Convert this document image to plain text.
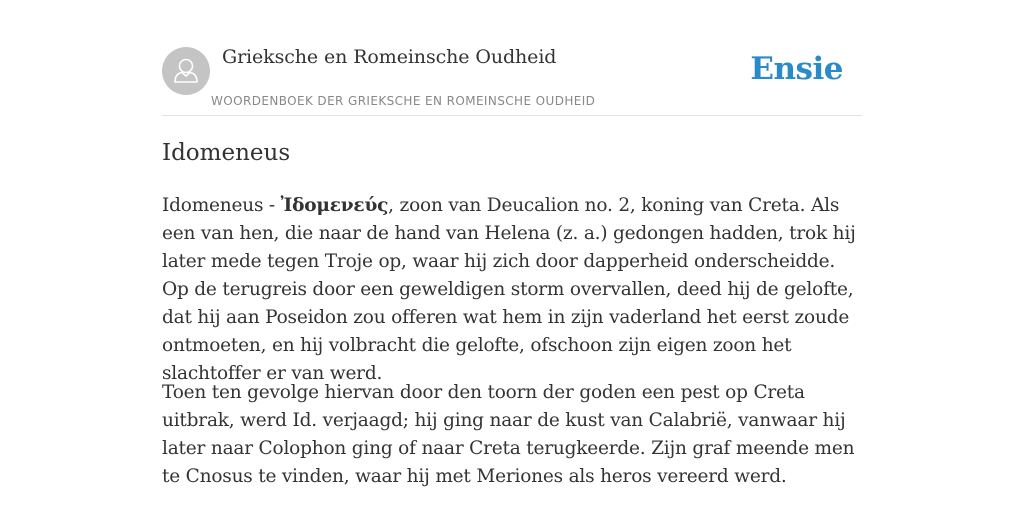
Grieksche en Romeinsche Oudheid
WOORDENBOEK DER GRIEKSCHE EN ROMEINSCHE OUDHEID
Ensie
Idomeneus

Idomeneus - Ἰδομενεύς, zoon van Deucalion no. 2, koning van Creta. Als een van hen, die naar de hand van Helena (z. a.) gedongen hadden, trok hij later mede tegen Troje op, waar hij zich door dapperheid onderscheidde. Op de terugreis door een geweldigen storm overvallen, deed hij de gelofte, dat hij aan Poseidon zou offeren wat hem in zijn vaderland het eerst zoude ontmoeten, en hij volbracht die gelofte, ofschoon zijn eigen zoon het slachtoffer er van werd.

Toen ten gevolge hiervan door den toorn der goden een pest op Creta uitbrak, werd Id. verjaagd; hij ging naar de kust van Calabrië, vanwaar hij later naar Colophon ging of naar Creta terugkeerde. Zijn graf meende men te Cnosus te vinden, waar hij met Meriones als heros vereerd werd.
